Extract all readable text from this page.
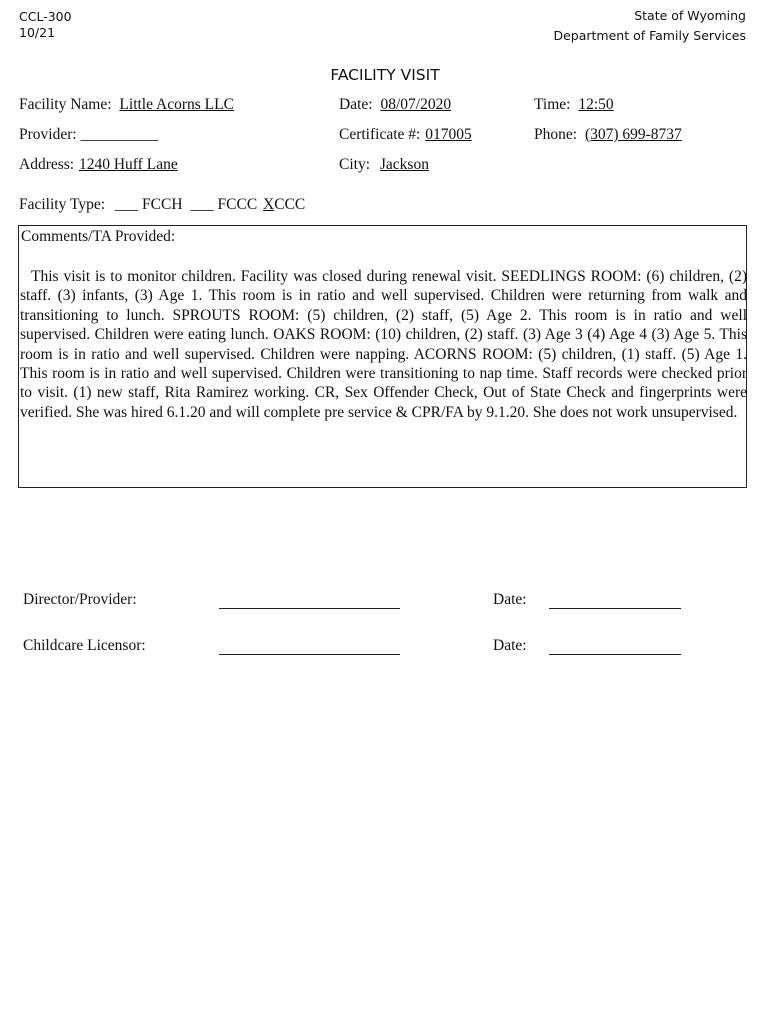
CCL-300
10/21
State of Wyoming
Department of Family Services
FACILITY VISIT
Facility Name: Little Acorns LLC	Date: 08/07/2020	Time: 12:50
Provider: __________	Certificate #: 017005	Phone: (307) 699-8737
Address: 1240 Huff Lane	City: Jackson
Facility Type: ___ FCCH ___ FCCC XCCC
Comments/TA Provided:
This visit is to monitor children. Facility was closed during renewal visit. SEEDLINGS ROOM: (6) children, (2) staff. (3) infants, (3) Age 1. This room is in ratio and well supervised. Children were returning from walk and transitioning to lunch. SPROUTS ROOM: (5) children, (2) staff, (5) Age 2. This room is in ratio and well supervised. Children were eating lunch. OAKS ROOM: (10) children, (2) staff. (3) Age 3 (4) Age 4 (3) Age 5. This room is in ratio and well supervised. Children were napping. ACORNS ROOM: (5) children, (1) staff. (5) Age 1. This room is in ratio and well supervised. Children were transitioning to nap time. Staff records were checked prior to visit. (1) new staff, Rita Ramirez working. CR, Sex Offender Check, Out of State Check and fingerprints were verified. She was hired 6.1.20 and will complete pre service & CPR/FA by 9.1.20. She does not work unsupervised.
Director/Provider:	Date:
Childcare Licensor:	Date:
